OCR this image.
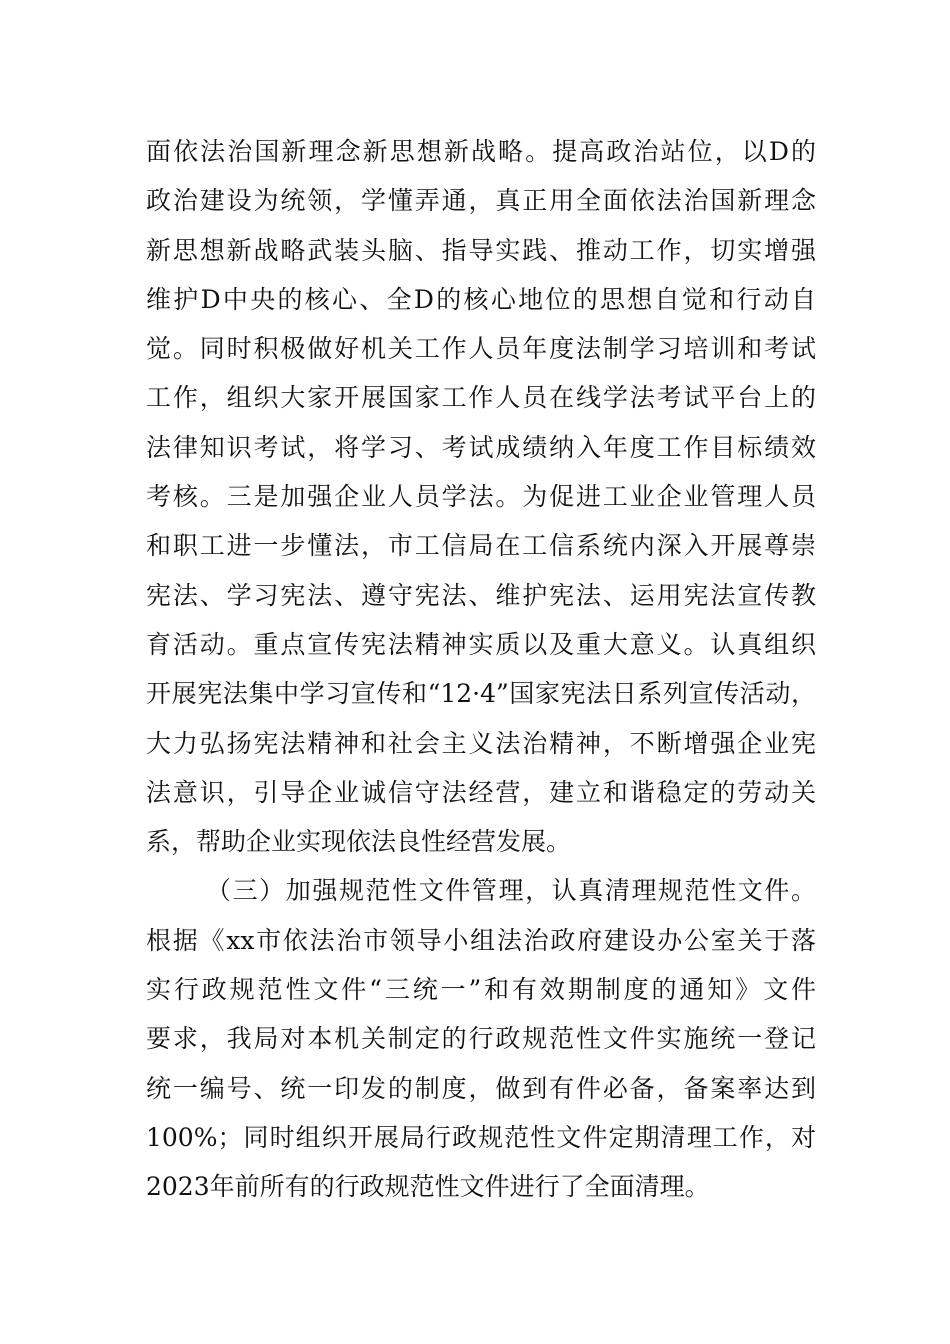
面依法治国新理念新思想新战略。提高政治站位，以D的
政治建设为统领，学懂弄通，真正用全面依法治国新理念
新思想新战略武装头脑、指导实践、推动工作，切实增强
维护D中央的核心、全D的核心地位的思想自觉和行动自
觉。同时积极做好机关工作人员年度法制学习培训和考试
工作，组织大家开展国家工作人员在线学法考试平台上的
法律知识考试，将学习、考试成绩纳入年度工作目标绩效
考核。三是加强企业人员学法。为促进工业企业管理人员
和职工进一步懂法，市工信局在工信系统内深入开展尊崇
宪法、学习宪法、遵守宪法、维护宪法、运用宪法宣传教
育活动。重点宣传宪法精神实质以及重大意义。认真组织
开展宪法集中学习宣传和“12·4”国家宪法日系列宣传活动，
大力弘扬宪法精神和社会主义法治精神，不断增强企业宪
法意识，引导企业诚信守法经营，建立和谐稳定的劳动关
系，帮助企业实现依法良性经营发展。
（三）加强规范性文件管理，认真清理规范性文件。
根据《xx市依法治市领导小组法治政府建设办公室关于落
实行政规范性文件“三统一”和有效期制度的通知》文件
要求，我局对本机关制定的行政规范性文件实施统一登记
统一编号、统一印发的制度，做到有件必备，备案率达到
100%；同时组织开展局行政规范性文件定期清理工作，对
2023年前所有的行政规范性文件进行了全面清理。
